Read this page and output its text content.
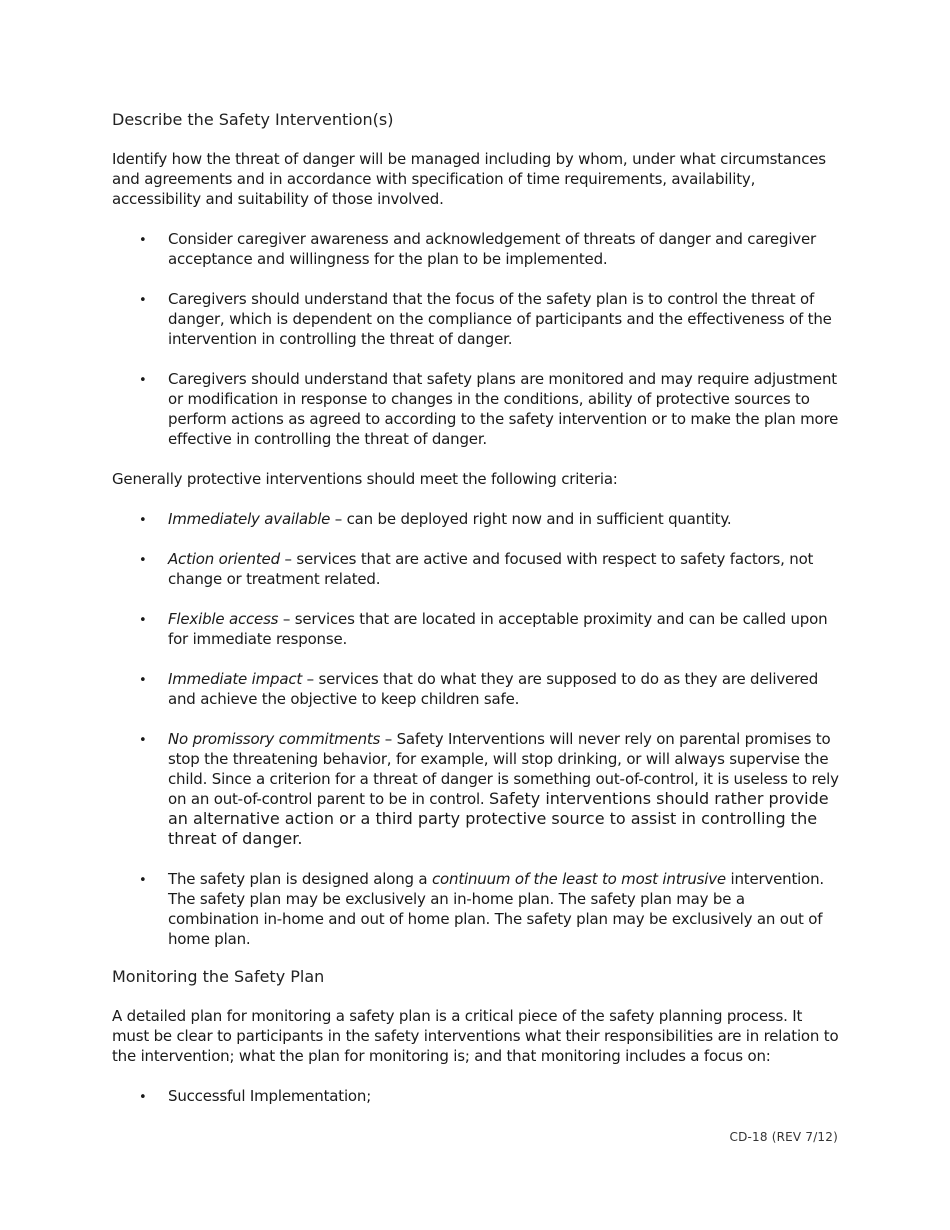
Describe the Safety Intervention(s)

Identify how the threat of danger will be managed including by whom, under what circumstances and agreements and in accordance with specification of time requirements, availability, accessibility and suitability of those involved.

• Consider caregiver awareness and acknowledgement of threats of danger and caregiver acceptance and willingness for the plan to be implemented.
• Caregivers should understand that the focus of the safety plan is to control the threat of danger, which is dependent on the compliance of participants and the effectiveness of the intervention in controlling the threat of danger.
• Caregivers should understand that safety plans are monitored and may require adjustment or modification in response to changes in the conditions, ability of protective sources to perform actions as agreed to according to the safety intervention or to make the plan more effective in controlling the threat of danger.

Generally protective interventions should meet the following criteria:

• Immediately available – can be deployed right now and in sufficient quantity.
• Action oriented – services that are active and focused with respect to safety factors, not change or treatment related.
• Flexible access – services that are located in acceptable proximity and can be called upon for immediate response.
• Immediate impact – services that do what they are supposed to do as they are delivered and achieve the objective to keep children safe.
• No promissory commitments – Safety Interventions will never rely on parental promises to stop the threatening behavior, for example, will stop drinking, or will always supervise the child. Since a criterion for a threat of danger is something out-of-control, it is useless to rely on an out-of-control parent to be in control. Safety interventions should rather provide an alternative action or a third party protective source to assist in controlling the threat of danger.
• The safety plan is designed along a continuum of the least to most intrusive intervention. The safety plan may be exclusively an in-home plan. The safety plan may be a combination in-home and out of home plan. The safety plan may be exclusively an out of home plan.
Monitoring the Safety Plan

A detailed plan for monitoring a safety plan is a critical piece of the safety planning process. It must be clear to participants in the safety interventions what their responsibilities are in relation to the intervention; what the plan for monitoring is; and that monitoring includes a focus on:

• Successful Implementation;
CD-18 (REV 7/12)
